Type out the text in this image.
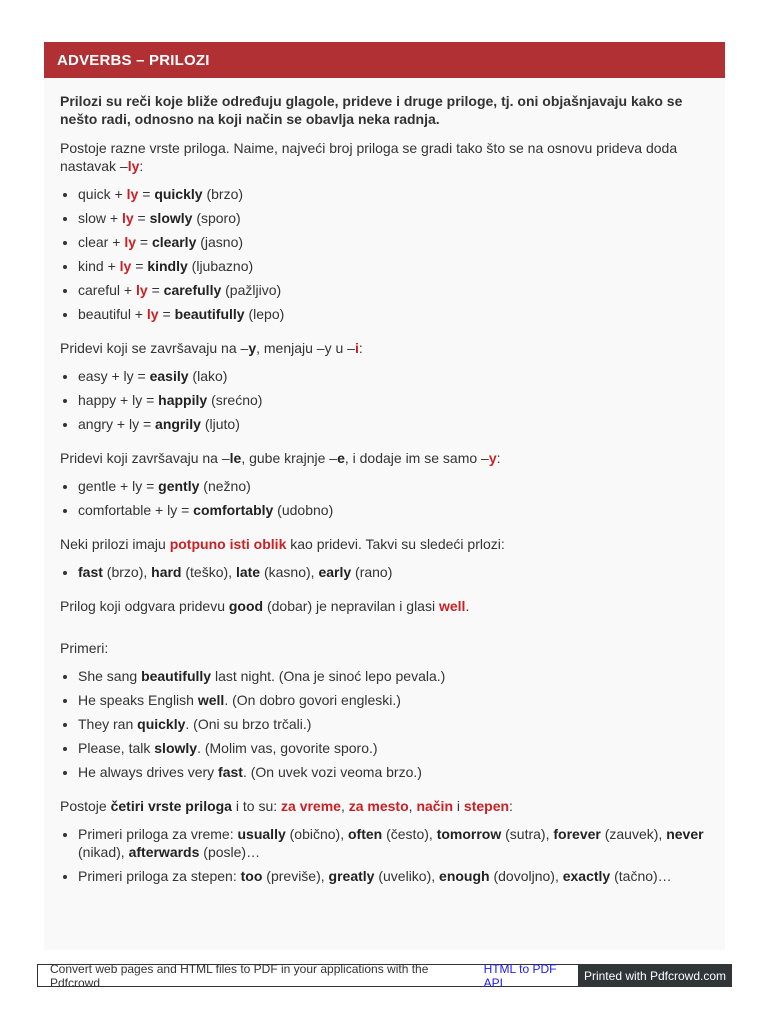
ADVERBS – PRILOZI

Prilozi su reči koje bliže određuju glagole, prideve i druge priloge, tj. oni objašnjavaju kako se nešto radi, odnosno na koji način se obavlja neka radnja.

Postoje razne vrste priloga. Naime, najveći broj priloga se gradi tako što se na osnovu prideva doda nastavak –ly:

• quick + ly = quickly (brzo)
• slow + ly = slowly (sporo)
• clear + ly = clearly (jasno)
• kind + ly = kindly (ljubazno)
• careful + ly = carefully (pažljivo)
• beautiful + ly = beautifully (lepo)

Pridevi koji se završavaju na –y, menjaju –y u –i:

• easy + ly = easily (lako)
• happy + ly = happily (srećno)
• angry + ly = angrily (ljuto)

Pridevi koji završavaju na –le, gube krajnje –e, i dodaje im se samo –y:

• gentle + ly = gently (nežno)
• comfortable + ly = comfortably (udobno)

Neki prilozi imaju potpuno isti oblik kao pridevi. Takvi su sledeći prlozi:

• fast (brzo), hard (teško), late (kasno), early (rano)

Prilog koji odgvara pridevu good (dobar) je nepravilan i glasi well.

Primeri:

• She sang beautifully last night. (Ona je sinoć lepo pevala.)
• He speaks English well. (On dobro govori engleski.)
• They ran quickly. (Oni su brzo trčali.)
• Please, talk slowly. (Molim vas, govorite sporo.)
• He always drives very fast. (On uvek vozi veoma brzo.)

Postoje četiri vrste priloga i to su: za vreme, za mesto, način i stepen:

• Primeri priloga za vreme: usually (obično), often (često), tomorrow (sutra), forever (zauvek), never (nikad), afterwards (posle)…
• Primeri priloga za stepen: too (previše), greatly (uveliko), enough (dovoljno), exactly (tačno)…
Convert web pages and HTML files to PDF in your applications with the Pdfcrowd
HTML to PDF API	Printed with Pdfcrowd.com
